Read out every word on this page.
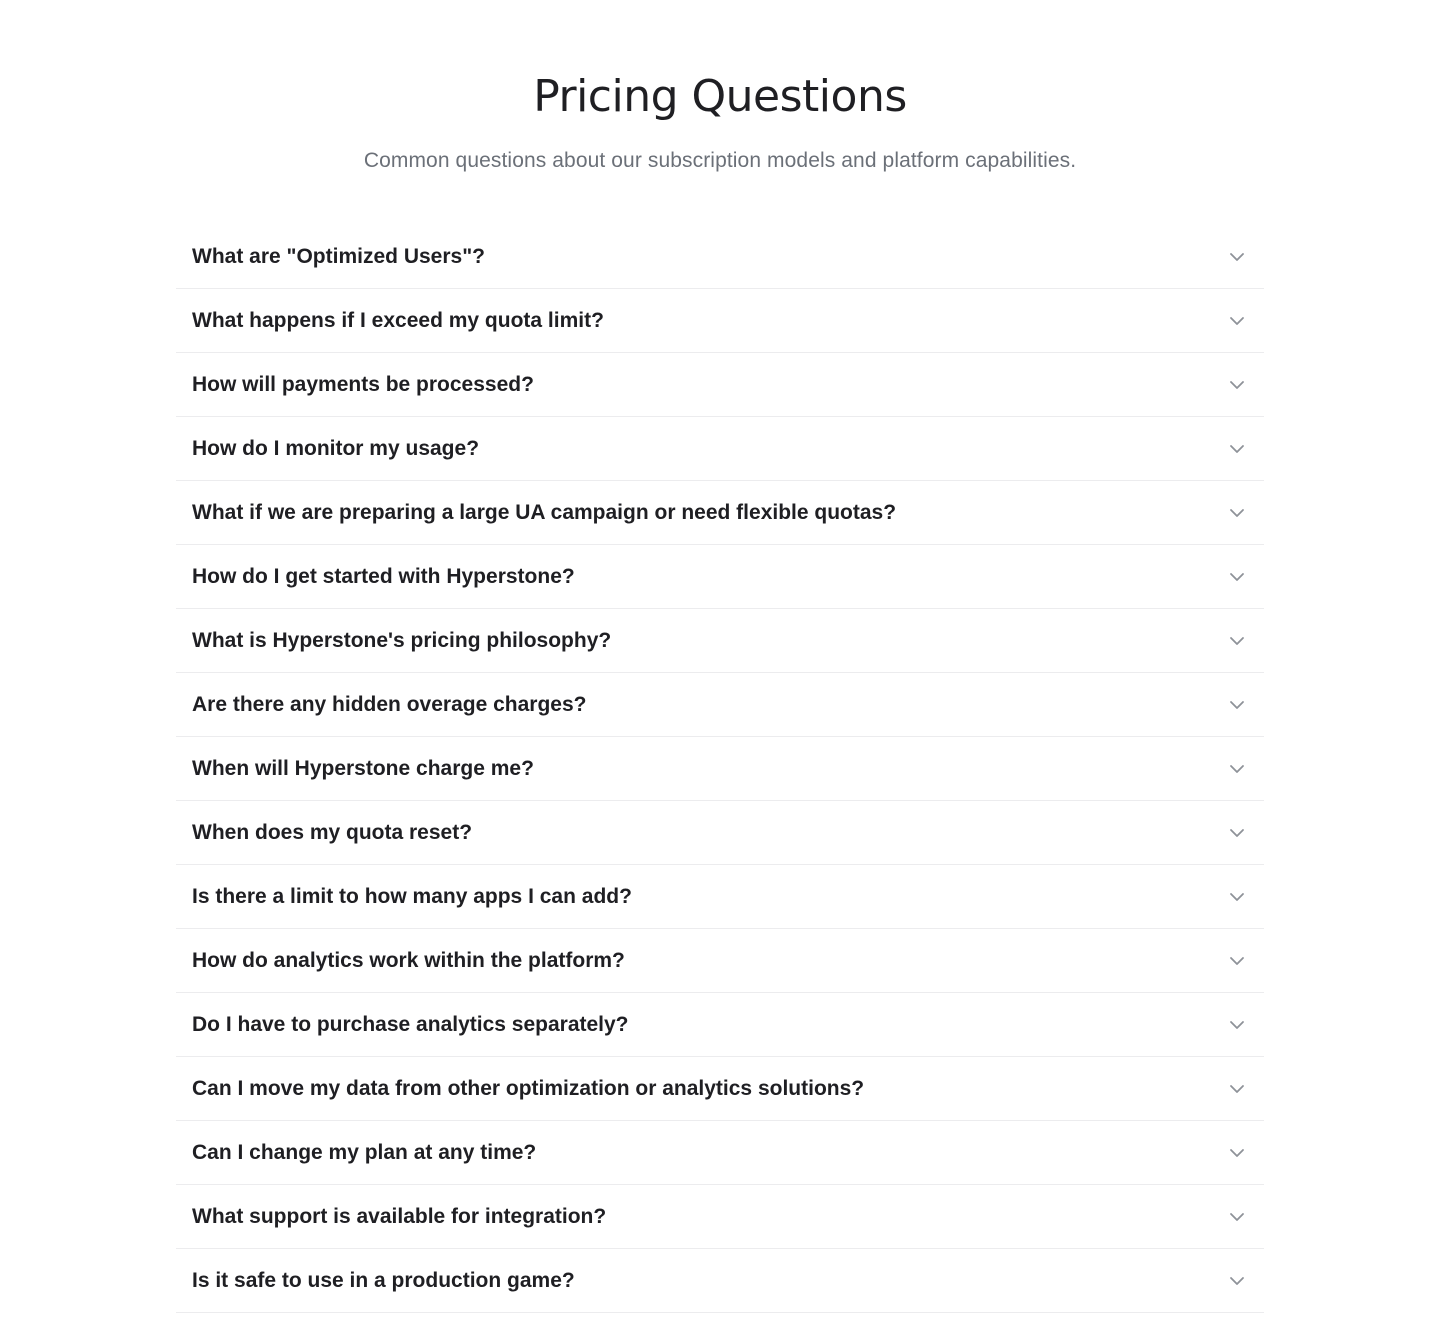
Pricing Questions

Common questions about our subscription models and platform capabilities.

What are "Optimized Users"?
What happens if I exceed my quota limit?
How will payments be processed?
How do I monitor my usage?
What if we are preparing a large UA campaign or need flexible quotas?
How do I get started with Hyperstone?
What is Hyperstone's pricing philosophy?
Are there any hidden overage charges?
When will Hyperstone charge me?
When does my quota reset?
Is there a limit to how many apps I can add?
How do analytics work within the platform?
Do I have to purchase analytics separately?
Can I move my data from other optimization or analytics solutions?
Can I change my plan at any time?
What support is available for integration?
Is it safe to use in a production game?
